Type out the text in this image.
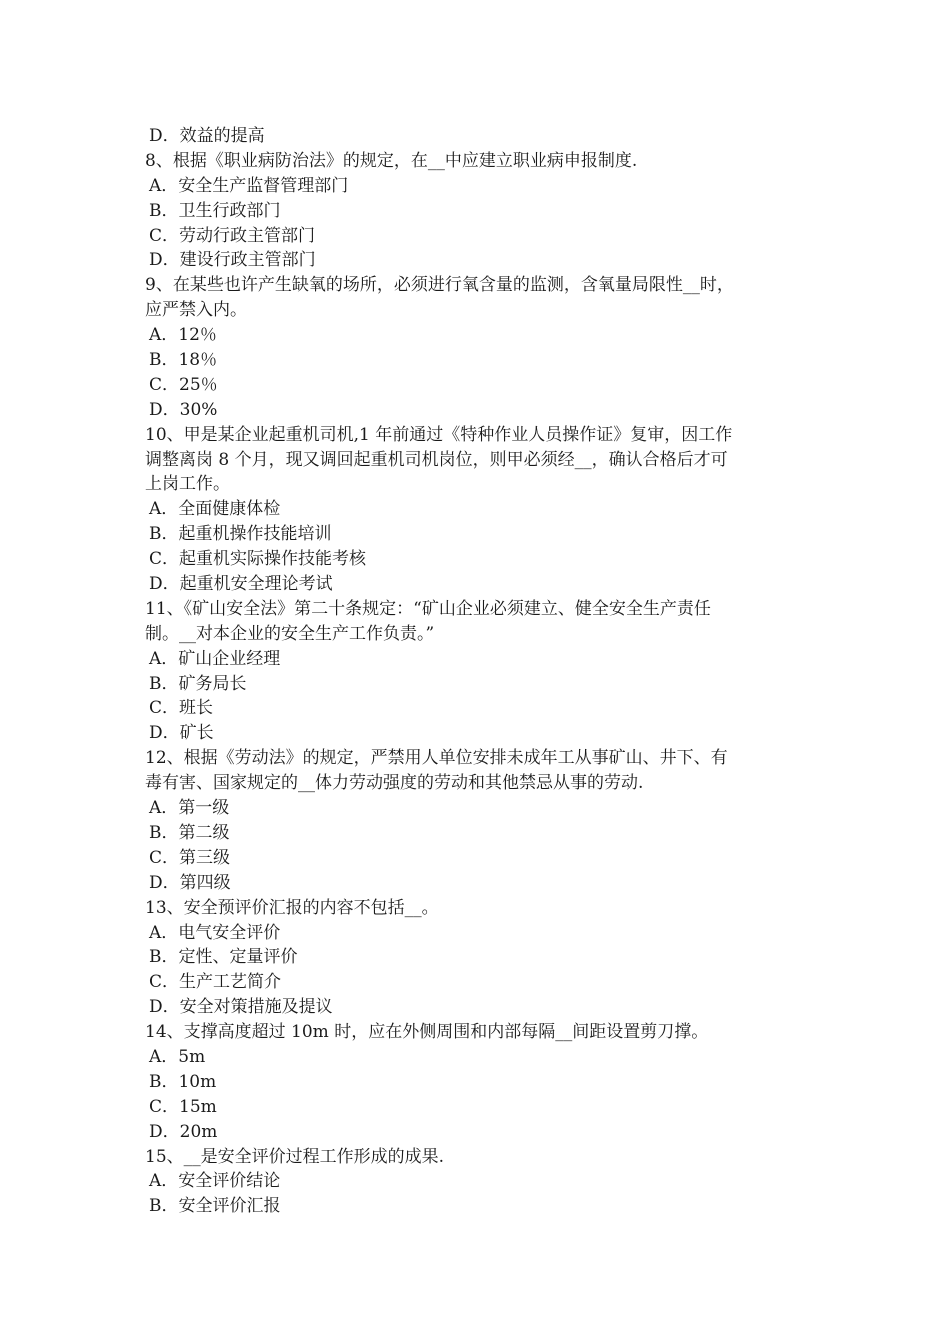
D．效益的提高
8、根据《职业病防治法》的规定，在__中应建立职业病申报制度.
A．安全生产监督管理部门
B．卫生行政部门
C．劳动行政主管部门
D．建设行政主管部门
9、在某些也许产生缺氧的场所，必须进行氧含量的监测，含氧量局限性__时，
应严禁入内。
A．12％
B．18％
C．25％
D．30%
10、甲是某企业起重机司机,1 年前通过《特种作业人员操作证》复审，因工作
调整离岗 8 个月，现又调回起重机司机岗位，则甲必须经__，确认合格后才可
上岗工作。
A．全面健康体检
B．起重机操作技能培训
C．起重机实际操作技能考核
D．起重机安全理论考试
11、《矿山安全法》第二十条规定：“矿山企业必须建立、健全安全生产责任
制。__对本企业的安全生产工作负责。”
A．矿山企业经理
B．矿务局长
C．班长
D．矿长
12、根据《劳动法》的规定，严禁用人单位安排未成年工从事矿山、井下、有
毒有害、国家规定的__体力劳动强度的劳动和其他禁忌从事的劳动.
A．第一级
B．第二级
C．第三级
D．第四级
13、安全预评价汇报的内容不包括__。
A．电气安全评价
B．定性、定量评价
C．生产工艺简介
D．安全对策措施及提议
14、支撑高度超过 10m 时，应在外侧周围和内部每隔__间距设置剪刀撑。
A．5m
B．10m
C．15m
D．20m
15、__是安全评价过程工作形成的成果.
A．安全评价结论
B．安全评价汇报
